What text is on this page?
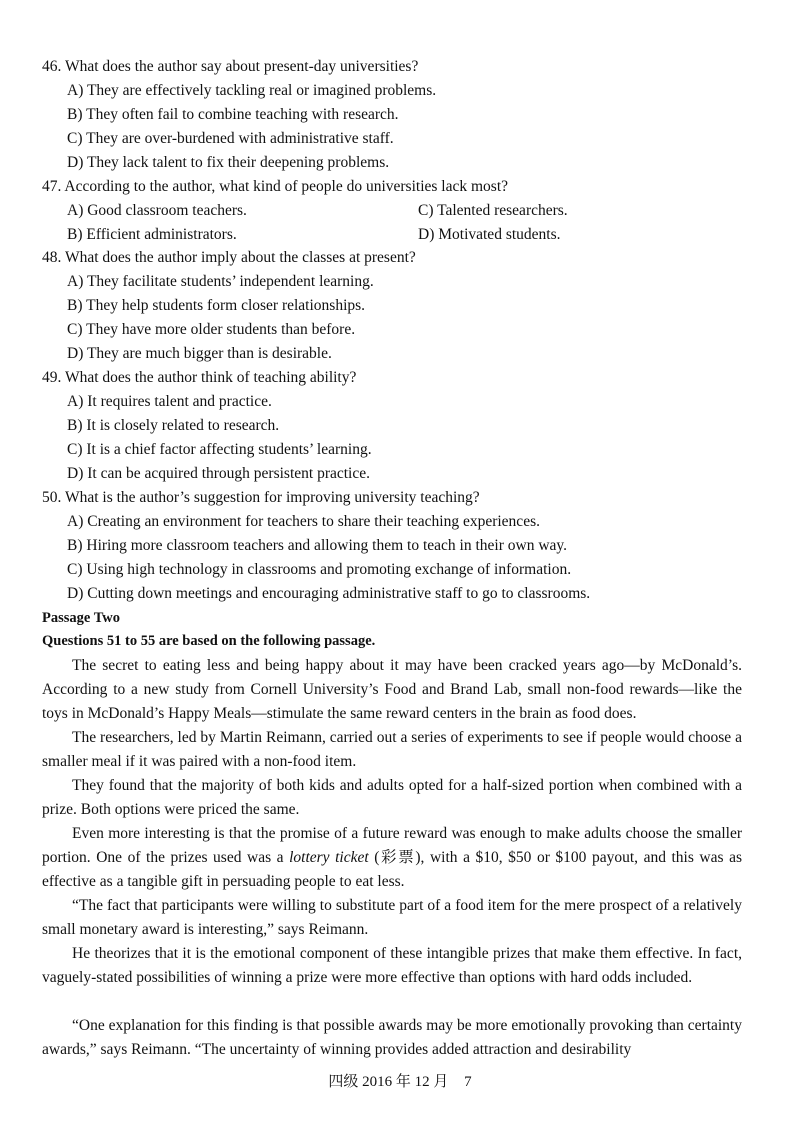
46. What does the author say about present-day universities?
A) They are effectively tackling real or imagined problems.
B) They often fail to combine teaching with research.
C) They are over-burdened with administrative staff.
D) They lack talent to fix their deepening problems.
47. According to the author, what kind of people do universities lack most?
A) Good classroom teachers.	C) Talented researchers.
B) Efficient administrators.	D) Motivated students.
48. What does the author imply about the classes at present?
A) They facilitate students’ independent learning.
B) They help students form closer relationships.
C) They have more older students than before.
D) They are much bigger than is desirable.
49. What does the author think of teaching ability?
A) It requires talent and practice.
B) It is closely related to research.
C) It is a chief factor affecting students’ learning.
D) It can be acquired through persistent practice.
50. What is the author’s suggestion for improving university teaching?
A) Creating an environment for teachers to share their teaching experiences.
B) Hiring more classroom teachers and allowing them to teach in their own way.
C) Using high technology in classrooms and promoting exchange of information.
D) Cutting down meetings and encouraging administrative staff to go to classrooms.
Passage Two
Questions 51 to 55 are based on the following passage.

The secret to eating less and being happy about it may have been cracked years ago—by McDonald’s. According to a new study from Cornell University’s Food and Brand Lab, small non-food rewards—like the toys in McDonald’s Happy Meals—stimulate the same reward centers in the brain as food does.

The researchers, led by Martin Reimann, carried out a series of experiments to see if people would choose a smaller meal if it was paired with a non-food item.

They found that the majority of both kids and adults opted for a half-sized portion when combined with a prize. Both options were priced the same.

Even more interesting is that the promise of a future reward was enough to make adults choose the smaller portion. One of the prizes used was a lottery ticket (彩票), with a $10, $50 or $100 payout, and this was as effective as a tangible gift in persuading people to eat less.

“The fact that participants were willing to substitute part of a food item for the mere prospect of a relatively small monetary award is interesting,” says Reimann.

He theorizes that it is the emotional component of these intangible prizes that make them effective. In fact, vaguely-stated possibilities of winning a prize were more effective than options with hard odds included.

“One explanation for this finding is that possible awards may be more emotionally provoking than certainty awards,” says Reimann. “The uncertainty of winning provides added attraction and desirability

四级 2016 年 12 月 7
